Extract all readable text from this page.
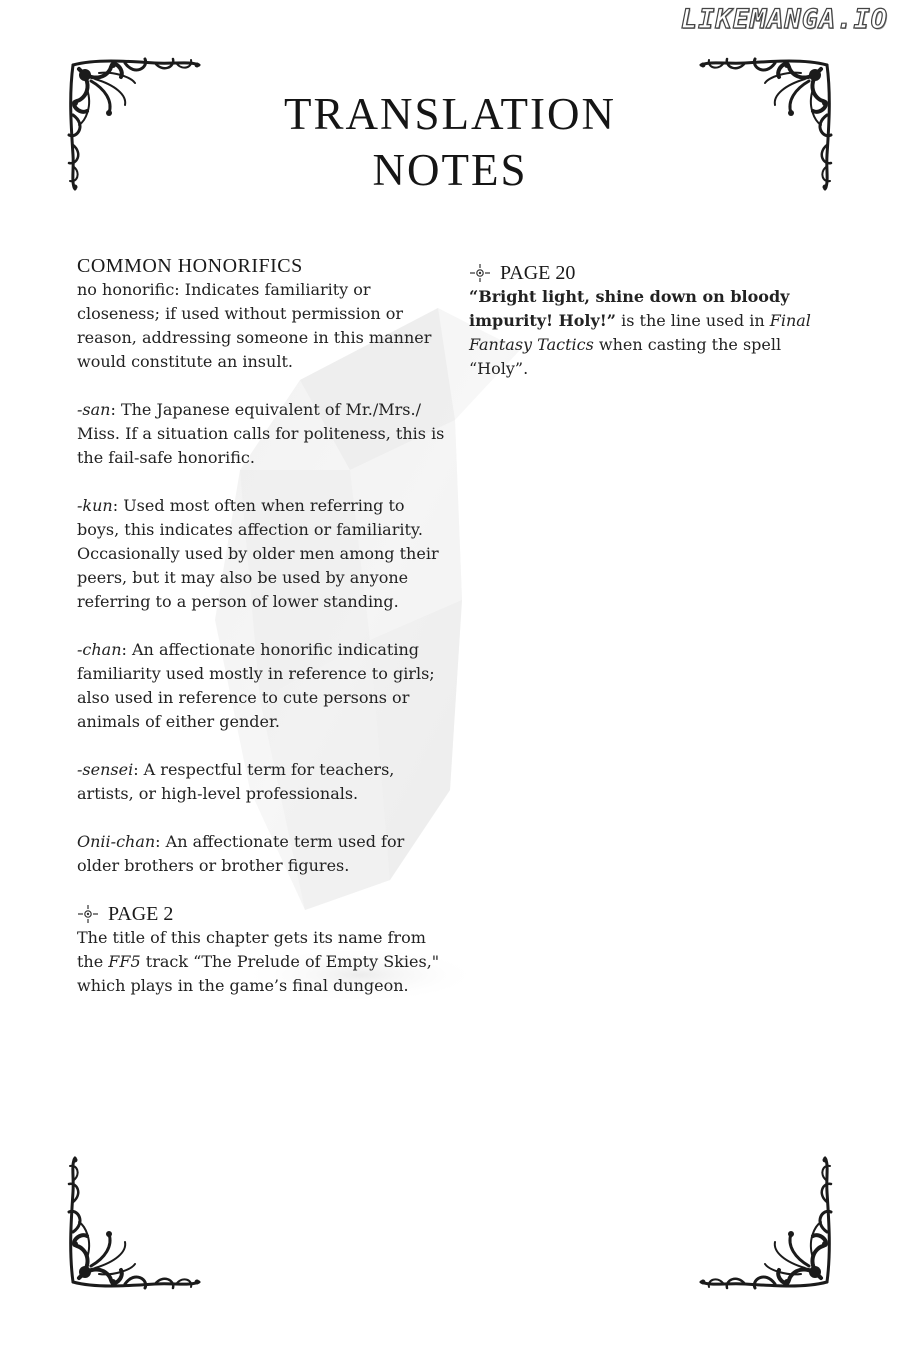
LIKEMANGA.IO
TRANSLATION
NOTES
COMMON HONORIFICS
no honorific: Indicates familiarity or closeness; if used without permission or reason, addressing someone in this manner would constitute an insult.
-san: The Japanese equivalent of Mr./Mrs./ Miss. If a situation calls for politeness, this is the fail-safe honorific.
-kun: Used most often when referring to boys, this indicates affection or familiarity. Occasionally used by older men among their peers, but it may also be used by anyone referring to a person of lower standing.
-chan: An affectionate honorific indicating familiarity used mostly in reference to girls; also used in reference to cute persons or animals of either gender.
-sensei: A respectful term for teachers, artists, or high-level professionals.
Onii-chan: An affectionate term used for older brothers or brother figures.
PAGE 2
The title of this chapter gets its name from the FF5 track “The Prelude of Empty Skies," which plays in the game’s final dungeon.
PAGE 20
“Bright light, shine down on bloody impurity! Holy!” is the line used in Final Fantasy Tactics when casting the spell “Holy”.
